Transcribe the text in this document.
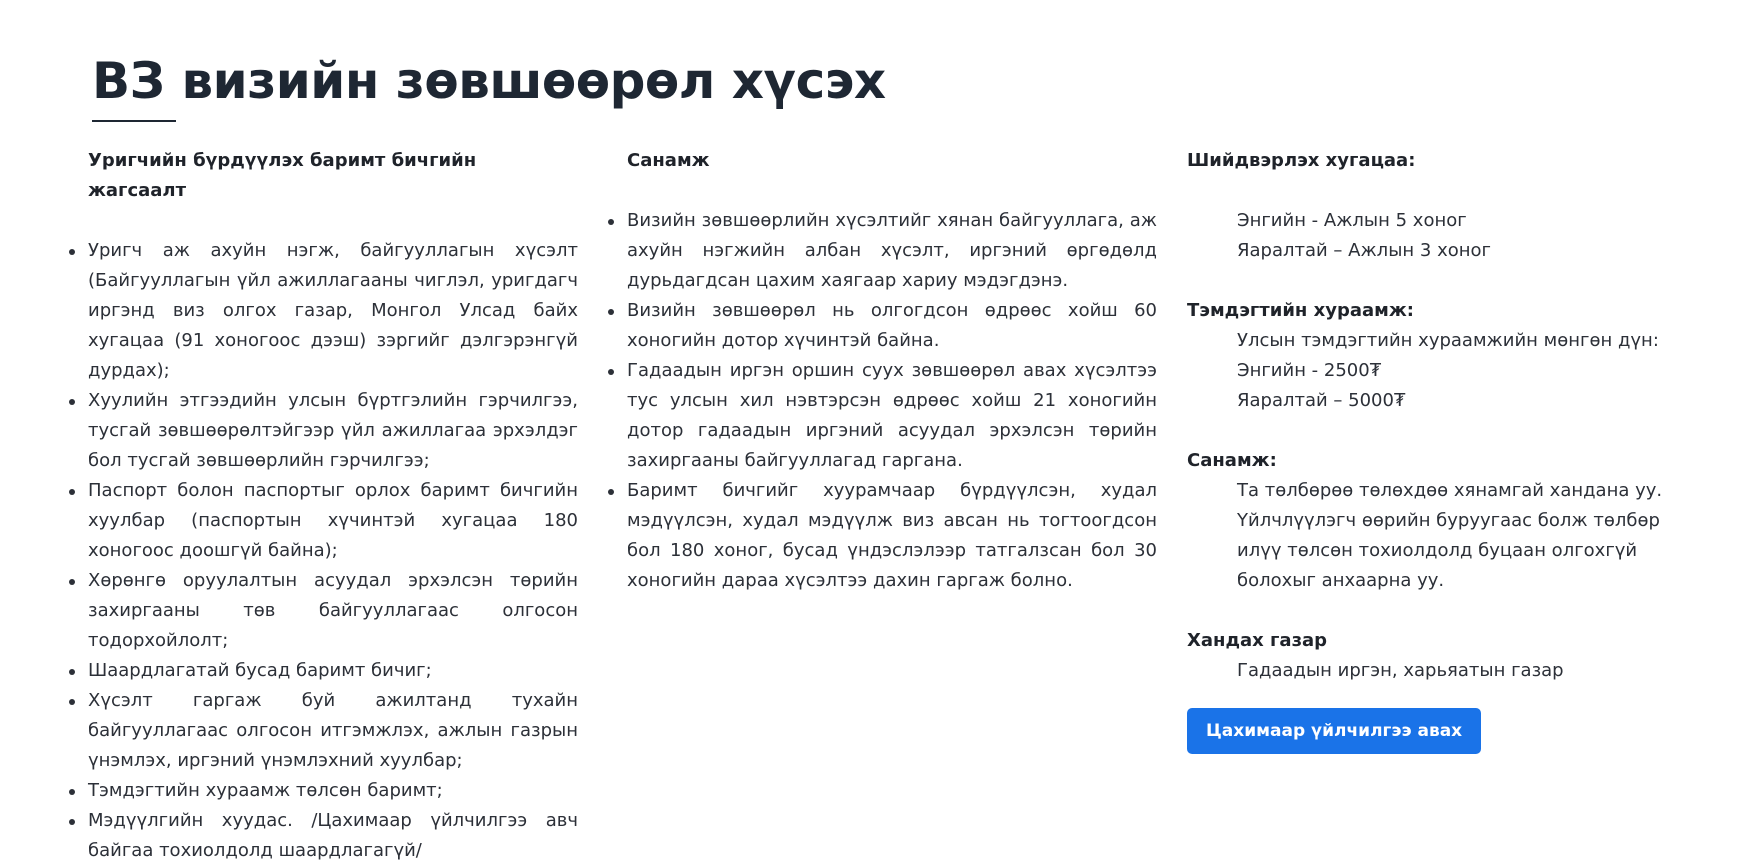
ВЗ визийн зөвшөөрөл хүсэх
Уригчийн бүрдүүлэх баримт бичгийн жагсаалт
Уригч аж ахуйн нэгж, байгууллагын хүсэлт (Байгууллагын үйл ажиллагааны чиглэл, уригдагч иргэнд виз олгох газар, Монгол Улсад байх хугацаа (91 хоногоос дээш) зэргийг дэлгэрэнгүй дурдах);
Хуулийн этгээдийн улсын бүртгэлийн гэрчилгээ, тусгай зөвшөөрөлтэйгээр үйл ажиллагаа эрхэлдэг бол тусгай зөвшөөрлийн гэрчилгээ;
Паспорт болон паспортыг орлох баримт бичгийн хуулбар (паспортын хүчинтэй хугацаа 180 хоногоос доошгүй байна);
Хөрөнгө оруулалтын асуудал эрхэлсэн төрийн захиргааны төв байгууллагаас олгосон тодорхойлолт;
Шаардлагатай бусад баримт бичиг;
Хүсэлт гаргаж буй ажилтанд тухайн байгууллагаас олгосон итгэмжлэх, ажлын газрын үнэмлэх, иргэний үнэмлэхний хуулбар;
Тэмдэгтийн хураамж төлсөн баримт;
Мэдүүлгийн хуудас. /Цахимаар үйлчилгээ авч байгаа тохиолдолд шаардлагагүй/
Санамж
Визийн зөвшөөрлийн хүсэлтийг хянан байгууллага, аж ахуйн нэгжийн албан хүсэлт, иргэний өргөдөлд дурьдагдсан цахим хаягаар хариу мэдэгдэнэ.
Визийн зөвшөөрөл нь олгогдсон өдрөөс хойш 60 хоногийн дотор хүчинтэй байна.
Гадаадын иргэн оршин суух зөвшөөрөл авах хүсэлтээ тус улсын хил нэвтэрсэн өдрөөс хойш 21 хоногийн дотор гадаадын иргэний асуудал эрхэлсэн төрийн захиргааны байгууллагад гаргана.
Баримт бичгийг хуурамчаар бүрдүүлсэн, худал мэдүүлсэн, худал мэдүүлж виз авсан нь тогтоогдсон бол 180 хоног, бусад үндэслэлээр татгалзсан бол 30 хоногийн дараа хүсэлтээ дахин гаргаж болно.
Шийдвэрлэх хугацаа:
Энгийн - Ажлын 5 хоног
Яаралтай – Ажлын 3 хоног
Тэмдэгтийн хураамж:
Улсын тэмдэгтийн хураамжийн мөнгөн дүн:
Энгийн - 2500₮
Яаралтай – 5000₮
Санамж:
Та төлбөрөө төлөхдөө хянамгай хандана уу. Үйлчлүүлэгч өөрийн буруугаас болж төлбөр илүү төлсөн тохиолдолд буцаан олгохгүй болохыг анхаарна уу.
Хандах газар
Гадаадын иргэн, харьяатын газар
Цахимаар үйлчилгээ авах
